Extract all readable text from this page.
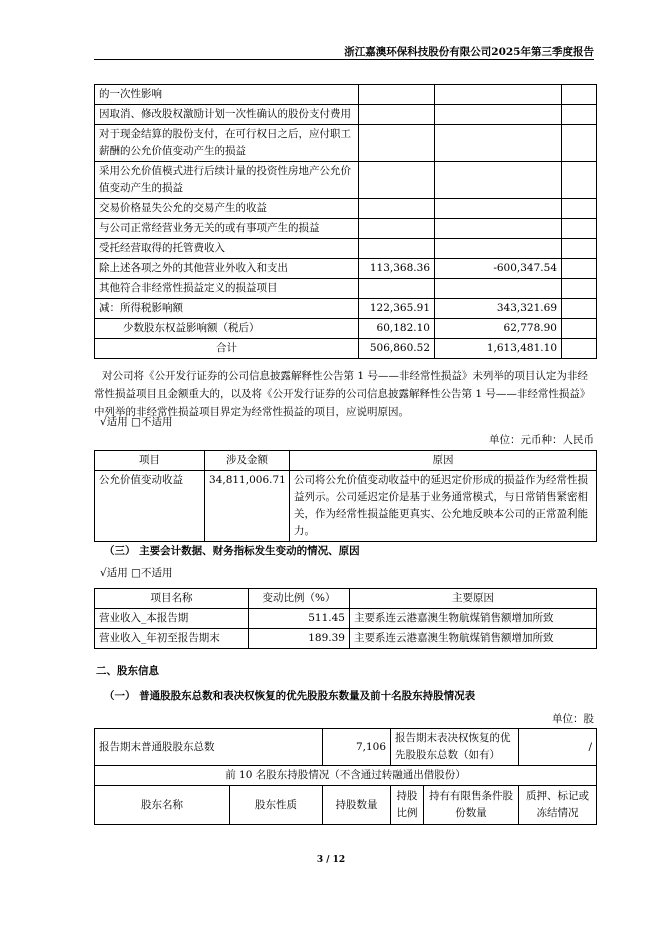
浙江嘉澳环保科技股份有限公司2025年第三季度报告
的一次性影响			
因取消、修改股权激励计划一次性确认的股份支付费用			
对于现金结算的股份支付，在可行权日之后，应付职工薪酬的公允价值变动产生的损益			
采用公允价值模式进行后续计量的投资性房地产公允价值变动产生的损益			
交易价格显失公允的交易产生的收益			
与公司正常经营业务无关的或有事项产生的损益			
受托经营取得的托管费收入			
除上述各项之外的其他营业外收入和支出	113,368.36	-600,347.54	
其他符合非经常性损益定义的损益项目			
减：所得税影响额	122,365.91	343,321.69	
少数股东权益影响额（税后）	60,182.10	62,778.90	
合计	506,860.52	1,613,481.10	
对公司将《公开发行证券的公司信息披露解释性公告第 1 号——非经常性损益》未列举的项目认定为非经常性损益项目且金额重大的，以及将《公开发行证券的公司信息披露解释性公告第 1 号——非经常性损益》中列举的非经常性损益项目界定为经常性损益的项目，应说明原因。
√适用 □不适用
单位：元币种：人民币
项目	涉及金额	原因
公允价值变动收益	34,811,006.71	公司将公允价值变动收益中的延迟定价形成的损益作为经常性损益列示。公司延迟定价是基于业务通常模式，与日常销售紧密相关，作为经常性损益能更真实、公允地反映本公司的正常盈利能力。
（三） 主要会计数据、财务指标发生变动的情况、原因
√适用 □不适用
项目名称	变动比例（%）	主要原因
营业收入_本报告期	511.45	主要系连云港嘉澳生物航煤销售额增加所致
营业收入_年初至报告期末	189.39	主要系连云港嘉澳生物航煤销售额增加所致
二、股东信息
（一） 普通股股东总数和表决权恢复的优先股股东数量及前十名股东持股情况表
单位：股
报告期末普通股股东总数		7,106	报告期末表决权恢复的优先股股东总数（如有）		/
前 10 名股东持股情况（不含通过转融通出借股份）					
股东名称	股东性质	持股数量	持股比例	持有有限售条件股份数量	质押、标记或冻结情况
3 / 12
